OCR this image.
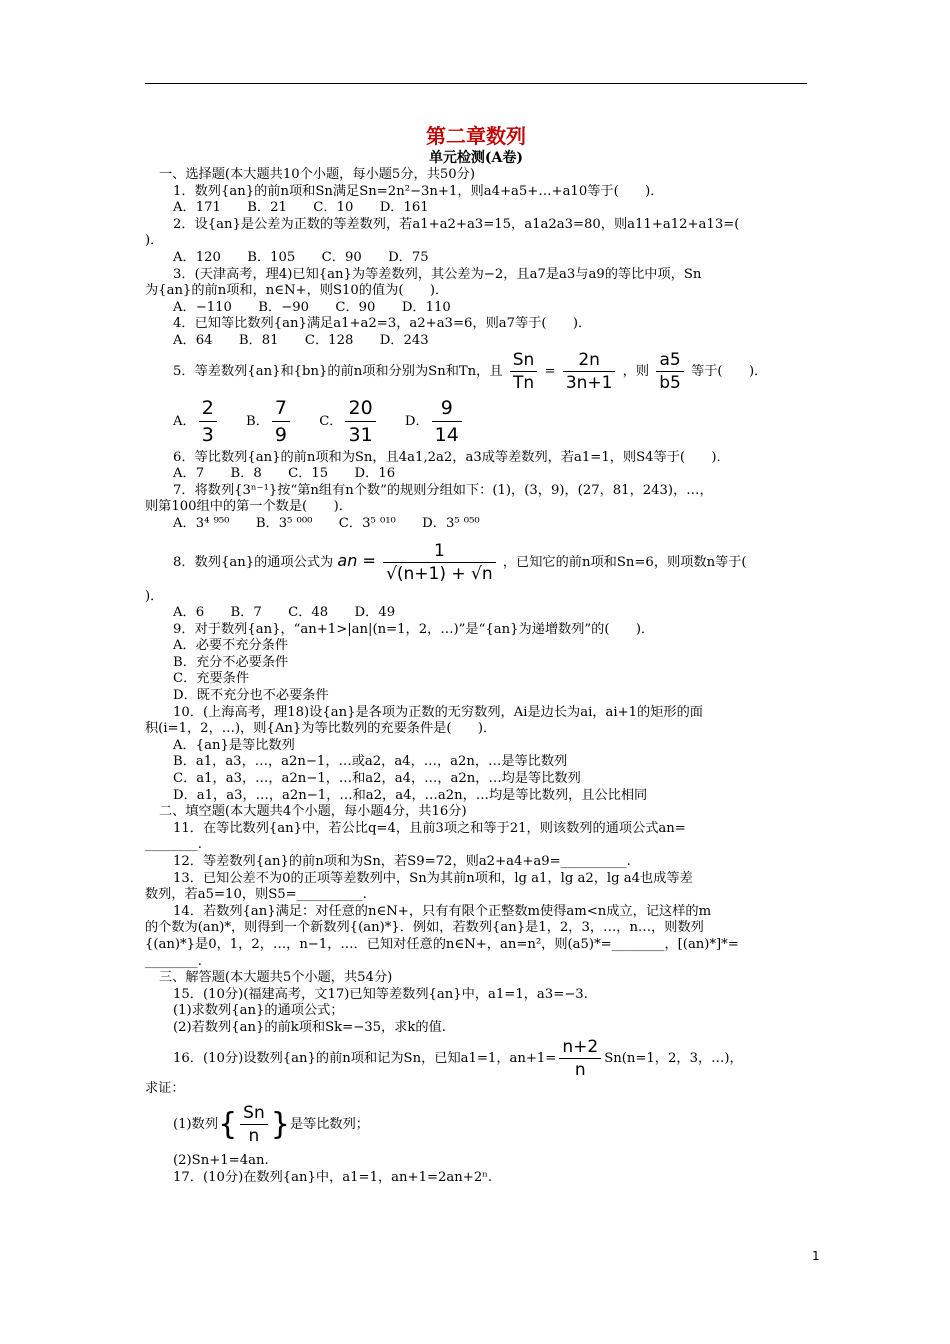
第二章数列
单元检测(A卷)
一、选择题(本大题共10个小题，每小题5分，共50分)
1．数列{an}的前n项和Sn满足Sn=2n²−3n+1，则a4+a5+…+a10等于(　　)．
A．171　　B．21　　C．10　　D．161
2．设{an}是公差为正数的等差数列，若a1+a2+a3=15，a1a2a3=80，则a11+a12+a13=(
)．
A．120　　B．105　　C．90　　D．75
3．(天津高考，理4)已知{an}为等差数列，其公差为−2，且a7是a3与a9的等比中项，Sn
为{an}的前n项和，n∈N+，则S10的值为(　　)．
A．−110　　B．−90　　C．90　　D．110
4．已知等比数列{an}满足a1+a2=3，a2+a3=6，则a7等于(　　)．
A．64　　B．81　　C．128　　D．243
5．等差数列{an}和{bn}的前n项和分别为Sn和Tn，且 $\frac{Sn}{Tn} = \frac{2n}{3n+1}$ ，则 $\frac{a5}{b5}$ 等于(　　)．
A． $\frac{2}{3}$ B． $\frac{7}{9}$ C． $\frac{20}{31}$ D． $\frac{9}{14}$
6．等比数列{an}的前n项和为Sn，且4a1,2a2，a3成等差数列，若a1=1，则S4等于(　　)．
A．7　　B．8　　C．15　　D．16
7．将数列{3ⁿ⁻¹}按“第n组有n个数”的规则分组如下：(1)，(3，9)，(27，81，243)，…，
则第100组中的第一个数是(　　)．
A．3⁴ ⁹⁵⁰　　B．3⁵ ⁰⁰⁰　　C．3⁵ ⁰¹⁰　　D．3⁵ ⁰⁵⁰
8．数列{an}的通项公式为 an = $\frac{1}{√(n+1) + √n}$ ，已知它的前n项和Sn=6，则项数n等于(
)．
A．6　　B．7　　C．48　　D．49
9．对于数列{an}，“an+1>|an|(n=1，2，…)”是“{an}为递增数列”的(　　)．
A．必要不充分条件
B．充分不必要条件
C．充要条件
D．既不充分也不必要条件
10．(上海高考，理18)设{an}是各项为正数的无穷数列，Ai是边长为ai，ai+1的矩形的面
积(i=1，2，…)，则{An}为等比数列的充要条件是(　　)．
A．{an}是等比数列
B．a1，a3，…，a2n−1，…或a2，a4，…，a2n，…是等比数列
C．a1，a3，…，a2n−1，…和a2，a4，…，a2n，…均是等比数列
D．a1，a3，…，a2n−1，…和a2，a4，…a2n，…均是等比数列，且公比相同
二、填空题(本大题共4个小题，每小题4分，共16分)
11．在等比数列{an}中，若公比q=4，且前3项之和等于21，则该数列的通项公式an=
________.
12．等差数列{an}的前n项和为Sn，若S9=72，则a2+a4+a9=__________.
13．已知公差不为0的正项等差数列中，Sn为其前n项和，lg a1，lg a2，lg a4也成等差
数列，若a5=10，则S5=__________.
14．若数列{an}满足：对任意的n∈N+，只有有限个正整数m使得am<n成立，记这样的m
的个数为(an)*，则得到一个新数列{(an)*}．例如，若数列{an}是1，2，3，…，n…，则数列
{(an)*}是0，1，2，…，n−1，…．已知对任意的n∈N+，an=n²，则(a5)*=________，[(an)*]*=
________.
三、解答题(本大题共5个小题，共54分)
15．(10分)(福建高考，文17)已知等差数列{an}中，a1=1，a3=−3.
(1)求数列{an}的通项公式；
(2)若数列{an}的前k项和Sk=−35，求k的值.
16．(10分)设数列{an}的前n项和记为Sn，已知a1=1，$an+1= \frac{n+2}{n} Sn(n=1$，2，3，…)，
求证：
(1)数列{ $\frac{Sn}{n}$ }是等比数列；
(2)Sn+1=4an.
17．(10分)在数列{an}中，a1=1，an+1=2an+2ⁿ.
1
